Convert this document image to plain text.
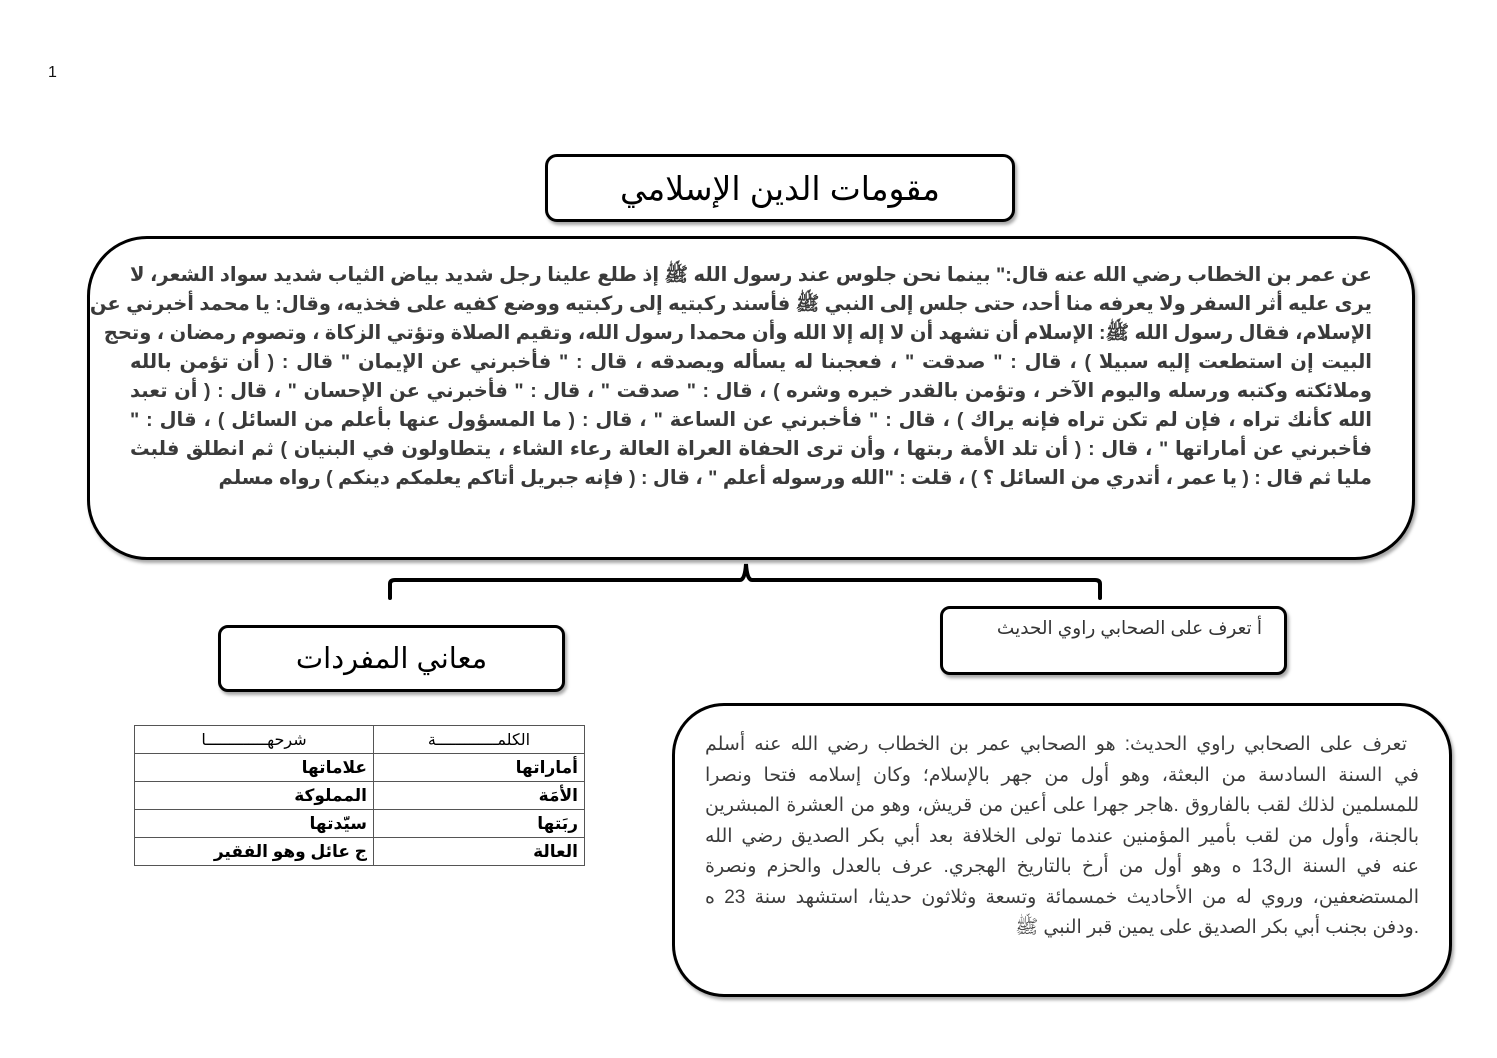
1
مقومات الدين الإسلامي

عن عمر بن الخطاب رضي الله عنه قال:" بينما نحن جلوس عند رسول الله ﷺ إذ طلع علينا رجل شديد بياض الثياب شديد سواد الشعر، لا
يرى عليه أثر السفر ولا يعرفه منا أحد، حتى جلس إلى النبي ﷺ فأسند ركبتيه إلى ركبتيه ووضع كفيه على فخذيه، وقال: يا محمد أخبرني عن
الإسلام، فقال رسول الله ﷺ: الإسلام أن تشهد أن لا إله إلا الله وأن محمدا رسول الله، وتقيم الصلاة وتؤتي الزكاة ، وتصوم رمضان ، وتحج
البيت إن استطعت إليه سبيلا ) ، قال : " صدقت " ، فعجبنا له يسأله ويصدقه ، قال : " فأخبرني عن الإيمان " قال : ( أن تؤمن بالله
وملائكته وكتبه ورسله واليوم الآخر ، وتؤمن بالقدر خيره وشره ) ، قال : " صدقت " ، قال : " فأخبرني عن الإحسان " ، قال : ( أن تعبد
الله كأنك تراه ، فإن لم تكن تراه فإنه يراك ) ، قال : " فأخبرني عن الساعة " ، قال : ( ما المسؤول عنها بأعلم من السائل ) ، قال : "
فأخبرني عن أماراتها " ، قال : ( أن تلد الأمة ربتها ، وأن ترى الحفاة العراة العالة رعاء الشاء ، يتطاولون في البنيان ) ثم انطلق فلبث
مليا ثم قال : ( يا عمر ، أتدري من السائل ؟ ) ، قلت : "الله ورسوله أعلم " ، قال : ( فإنه جبريل أتاكم يعلمكم دينكم ) رواه مسلم

أ تعرف على الصحابي راوي الحديث
معاني المفردات
الكلمـــــــــــــة	شرحهـــــــــــــا
أماراتها	علاماتها
الأمَة	المملوكة
ربَتها	سيّدتها
العالة	ج عائل وهو الفقير

تعرف على الصحابي راوي الحديث: هو الصحابي عمر بن الخطاب رضي الله عنه أسلم
في السنة السادسة من البعثة، وهو أول من جهر بالإسلام؛ وكان إسلامه فتحا ونصرا
للمسلمين لذلك لقب بالفاروق .هاجر جهرا على أعين من قريش، وهو من العشرة المبشرين
بالجنة، وأول من لقب بأمير المؤمنين عندما تولى الخلافة بعد أبي بكر الصديق رضي الله
عنه في السنة ال13 ه وهو أول من أرخ بالتاريخ الهجري. عرف بالعدل والحزم ونصرة
المستضعفين، وروي له من الأحاديث خمسمائة وتسعة وثلاثون حديثا، استشهد سنة 23 ه
.ودفن بجنب أبي بكر الصديق على يمين قبر النبي ﷺ
